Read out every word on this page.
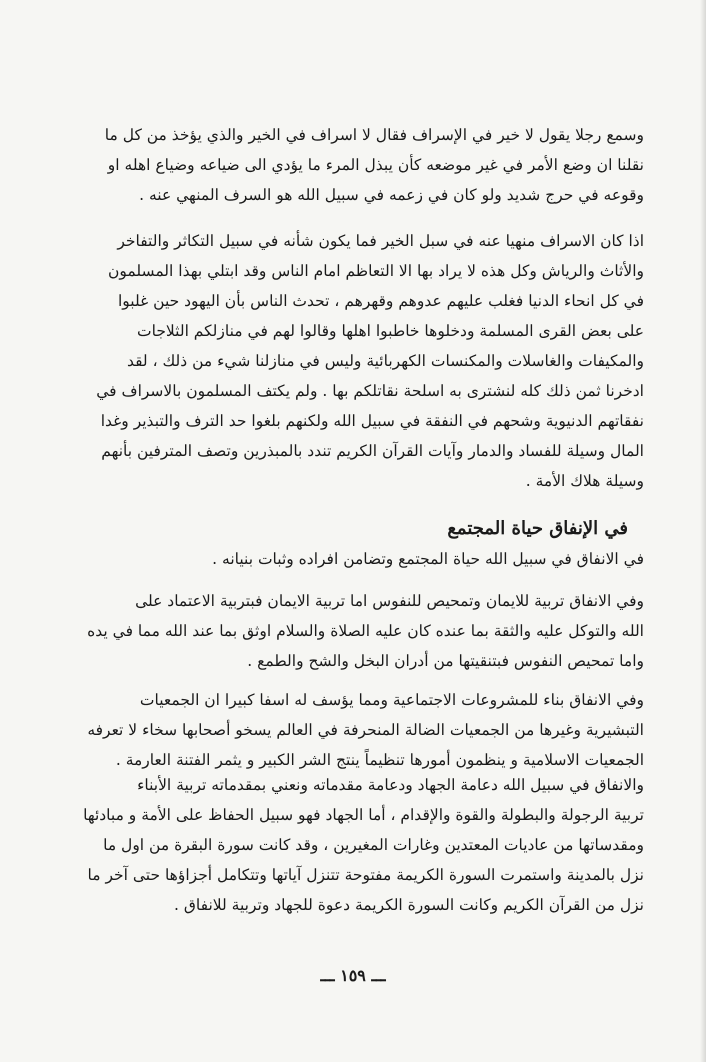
وسمع رجلا يقول لا خير في الإسراف فقال لا اسراف في الخير والذي يؤخذ من كل ما
نقلنا ان وضع الأمر في غير موضعه كأن يبذل المرء ما يؤدي الى ضياعه وضياع اهله او
وقوعه في حرج شديد ولو كان في زعمه في سبيل الله هو السرف المنهي عنه .
اذا كان الاسراف منهيا عنه في سبل الخير فما يكون شأنه في سبيل التكاثر والتفاخر
والأثاث والرياش وكل هذه لا يراد بها الا التعاظم امام الناس وقد ابتلي بهذا المسلمون
في كل انحاء الدنيا فغلب عليهم عدوهم وقهرهم ، تحدث الناس بأن اليهود حين غلبوا
على بعض القرى المسلمة ودخلوها خاطبوا اهلها وقالوا لهم في منازلكم الثلاجات
والمكيفات والغاسلات والمكنسات الكهربائية وليس في منازلنا شيء من ذلك ، لقد
ادخرنا ثمن ذلك كله لنشترى به اسلحة نقاتلكم بها . ولم يكتف المسلمون بالاسراف في
نفقاتهم الدنيوية وشحهم في النفقة في سبيل الله ولكنهم بلغوا حد الترف والتبذير وغدا
المال وسيلة للفساد والدمار وآيات القرآن الكريم تندد بالمبذرين وتصف المترفين بأنهم
وسيلة هلاك الأمة .
في الإنفاق حياة المجتمع
في الانفاق في سبيل الله حياة المجتمع وتضامن افراده وثبات بنيانه .
وفي الانفاق تربية للايمان وتمحيص للنفوس اما تربية الايمان فبتربية الاعتماد على
الله والتوكل عليه والثقة بما عنده كان عليه الصلاة والسلام اوثق بما عند الله مما في يده
واما تمحيص النفوس فبتنقيتها من أدران البخل والشح والطمع .
وفي الانفاق بناء للمشروعات الاجتماعية ومما يؤسف له اسفا كبيرا ان الجمعيات
التبشيرية وغيرها من الجمعيات الضالة المنحرفة في العالم يسخو أصحابها سخاء لا تعرفه
الجمعيات الاسلامية و ينظمون أمورها تنظيماً ينتج الشر الكبير و يثمر الفتنة العارمة .
والانفاق في سبيل الله دعامة الجهاد ودعامة مقدماته ونعني بمقدماته تربية الأبناء
تربية الرجولة والبطولة والقوة والإقدام ، أما الجهاد فهو سبيل الحفاظ على الأمة و مبادئها
ومقدساتها من عاديات المعتدين وغارات المغيرين ، وقد كانت سورة البقرة من اول ما
نزل بالمدينة واستمرت السورة الكريمة مفتوحة تتنزل آياتها وتتكامل أجزاؤها حتى آخر ما
نزل من القرآن الكريم وكانت السورة الكريمة دعوة للجهاد وتربية للانفاق .
ـــ ١٥٩ ـــ
